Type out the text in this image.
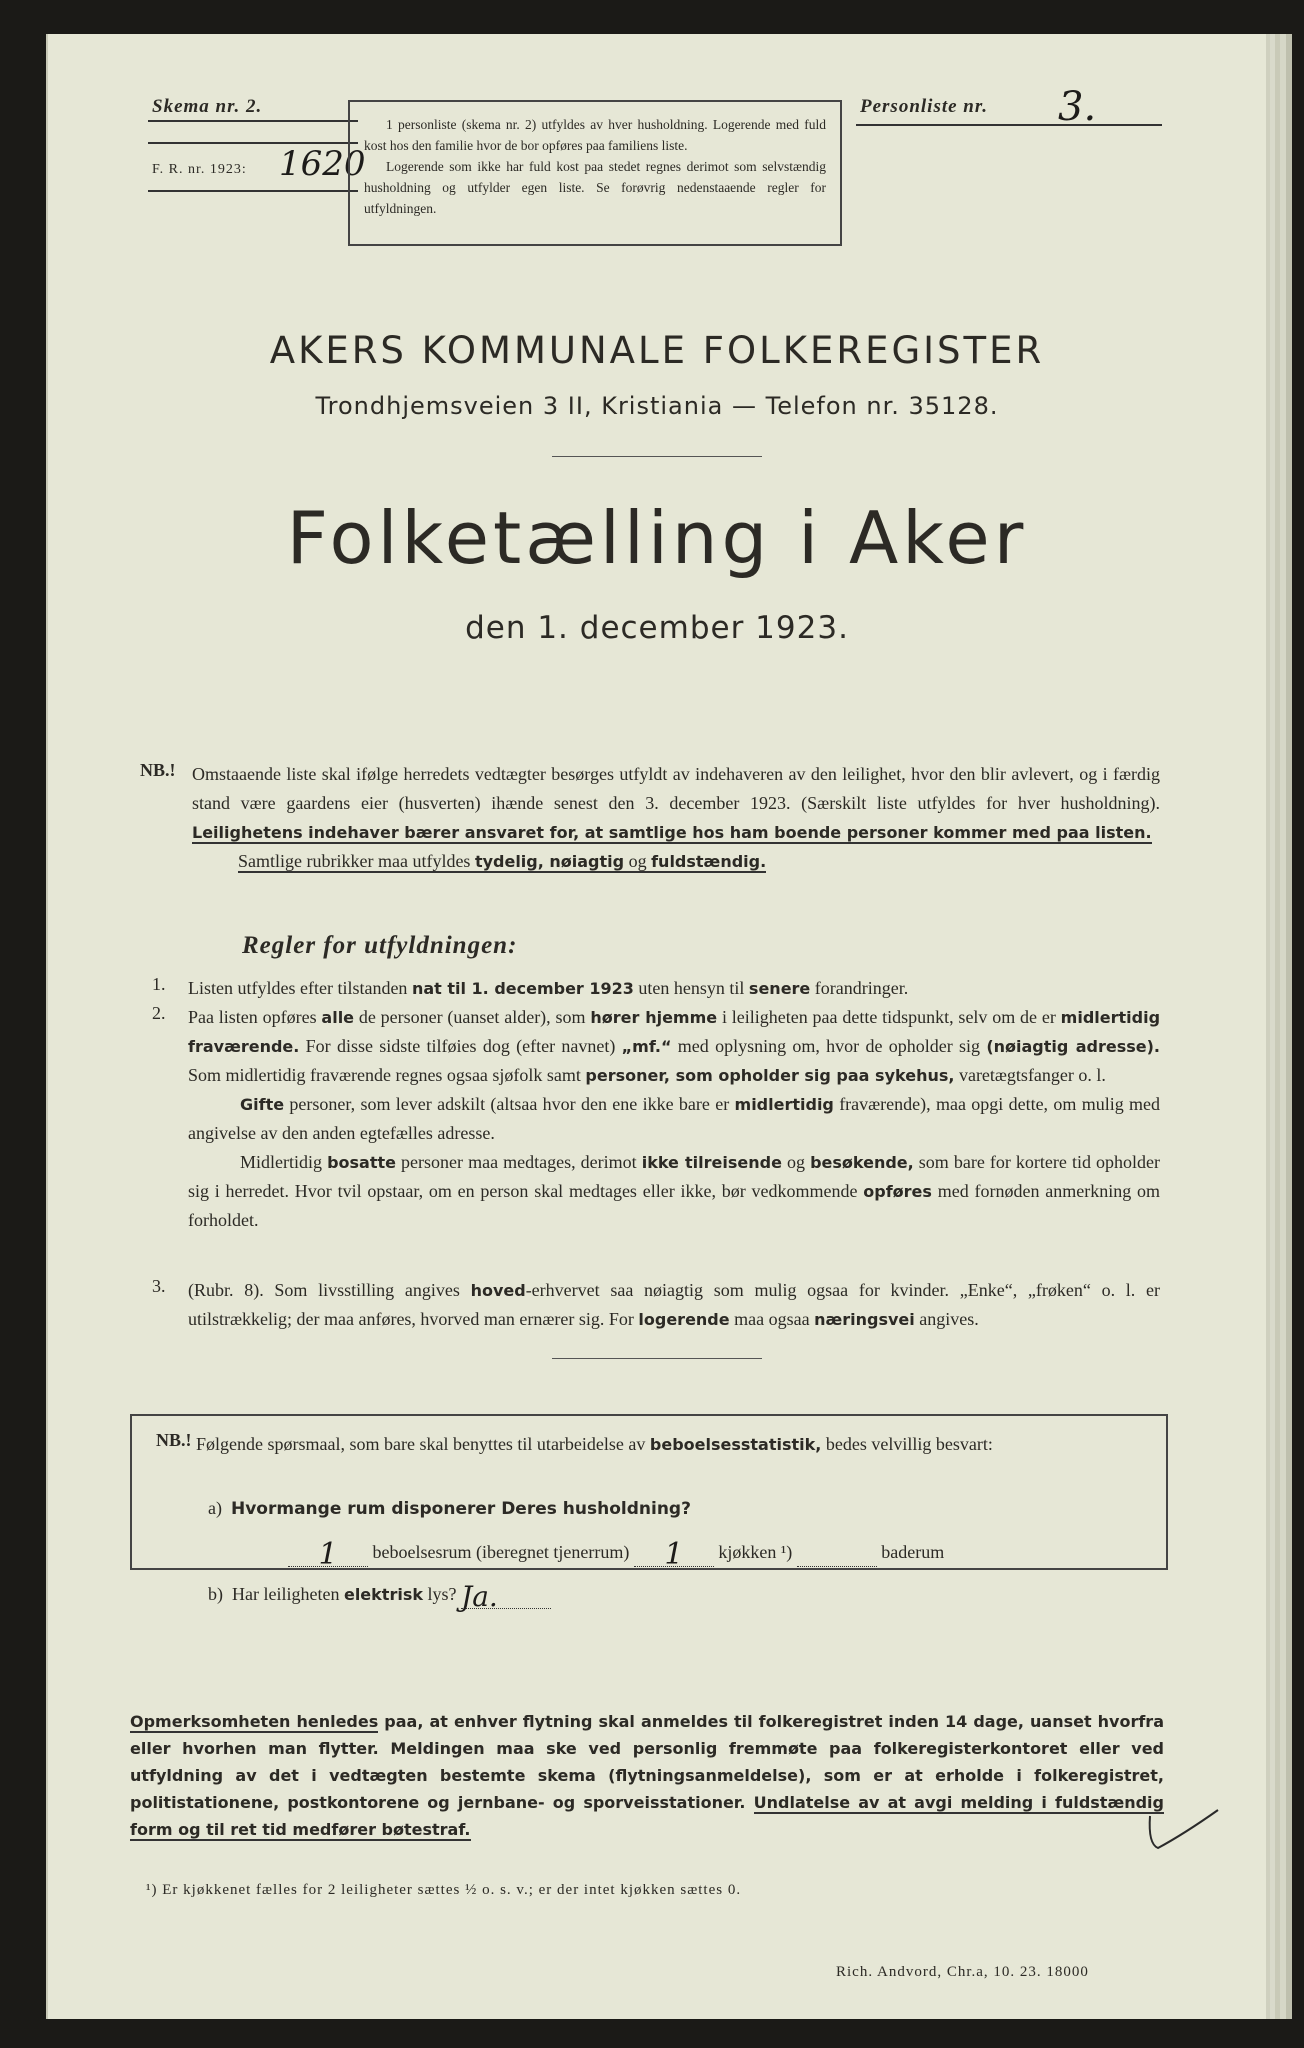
Skema nr. 2.
F. R. nr. 1923: 1620

1 personliste (skema nr. 2) utfyldes av hver husholdning. Logerende med fuld kost hos den familie hvor de bor opføres paa familiens liste.

Logerende som ikke har fuld kost paa stedet regnes derimot som selvstændig husholdning og utfylder egen liste. Se forøvrig nedenstaaende regler for utfyldningen.

Personliste nr. 3.
AKERS KOMMUNALE FOLKEREGISTER
Trondhjemsveien 3 II, Kristiania — Telefon nr. 35128.
Folketælling i Aker
den 1. december 1923.
NB.! Omstaaende liste skal ifølge herredets vedtægter besørges utfyldt av indehaveren av den leilighet, hvor den blir avlevert, og i færdig stand være gaardens eier (husverten) ihænde senest den 3. december 1923. (Særskilt liste utfyldes for hver husholdning). Leilighetens indehaver bærer ansvaret for, at samtlige hos ham boende personer kommer med paa listen.
Samtlige rubrikker maa utfyldes tydelig, nøiagtig og fuldstændig.
Regler for utfyldningen:
1. Listen utfyldes efter tilstanden nat til 1. december 1923 uten hensyn til senere forandringer.
2. Paa listen opføres alle de personer (uanset alder), som hører hjemme i leiligheten paa dette tidspunkt, selv om de er midlertidig fraværende. For disse sidste tilføies dog (efter navnet) „mf.“ med oplysning om, hvor de opholder sig (nøiagtig adresse). Som midlertidig fraværende regnes ogsaa sjøfolk samt personer, som opholder sig paa sykehus, varetægtsfanger o. l.
Gifte personer, som lever adskilt (altsaa hvor den ene ikke bare er midlertidig fraværende), maa opgi dette, om mulig med angivelse av den anden egtefælles adresse.
Midlertidig bosatte personer maa medtages, derimot ikke tilreisende og besøkende, som bare for kortere tid opholder sig i herredet. Hvor tvil opstaar, om en person skal medtages eller ikke, bør vedkommende opføres med fornøden anmerkning om forholdet.
3. (Rubr. 8). Som livsstilling angives hoved-erhvervet saa nøiagtig som mulig ogsaa for kvinder. „Enke“, „frøken“ o. l. er utilstrækkelig; der maa anføres, hvorved man ernærer sig. For logerende maa ogsaa næringsvei angives.
NB.! Følgende spørsmaal, som bare skal benyttes til utarbeidelse av beboelsesstatistik, bedes velvillig besvart:
a) Hvormange rum disponerer Deres husholdning?
1 beboelsesrum (iberegnet tjenerrum) 1 kjøkken ¹)	baderum
b) Har leiligheten elektrisk lys? Ja.
Opmerksomheten henledes paa, at enhver flytning skal anmeldes til folkeregistret inden 14 dage, uanset hvorfra eller hvorhen man flytter. Meldingen maa ske ved personlig fremmøte paa folkeregisterkontoret eller ved utfyldning av det i vedtægten bestemte skema (flytningsanmeldelse), som er at erholde i folkeregistret, politistationene, postkontorene og jernbane- og sporveisstationer. Undlatelse av at avgi melding i fuldstændig form og til ret tid medfører bøtestraf.
¹) Er kjøkkenet fælles for 2 leiligheter sættes ½ o. s. v.; er der intet kjøkken sættes 0.
Rich. Andvord, Chr.a, 10. 23. 18000
